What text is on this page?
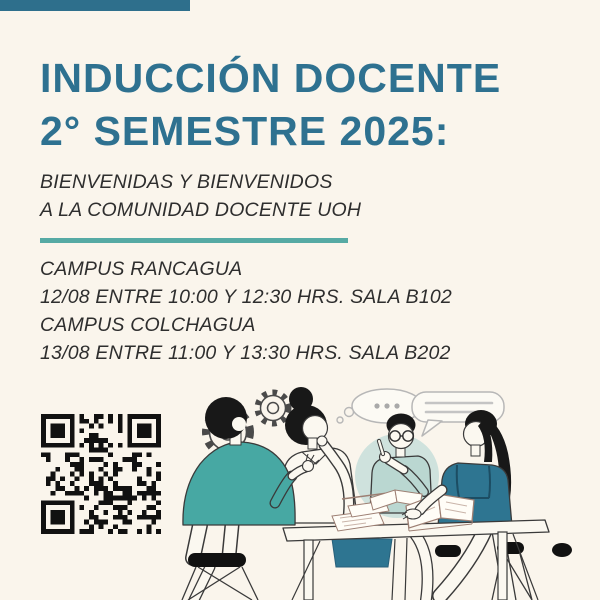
INDUCCIÓN DOCENTE
2° SEMESTRE 2025:

BIENVENIDAS Y BIENVENIDOS
A LA COMUNIDAD DOCENTE UOH

CAMPUS RANCAGUA
12/08 ENTRE 10:00 Y 12:30 HRS. SALA B102
CAMPUS COLCHAGUA
13/08 ENTRE 11:00 Y 13:30 HRS. SALA B202
